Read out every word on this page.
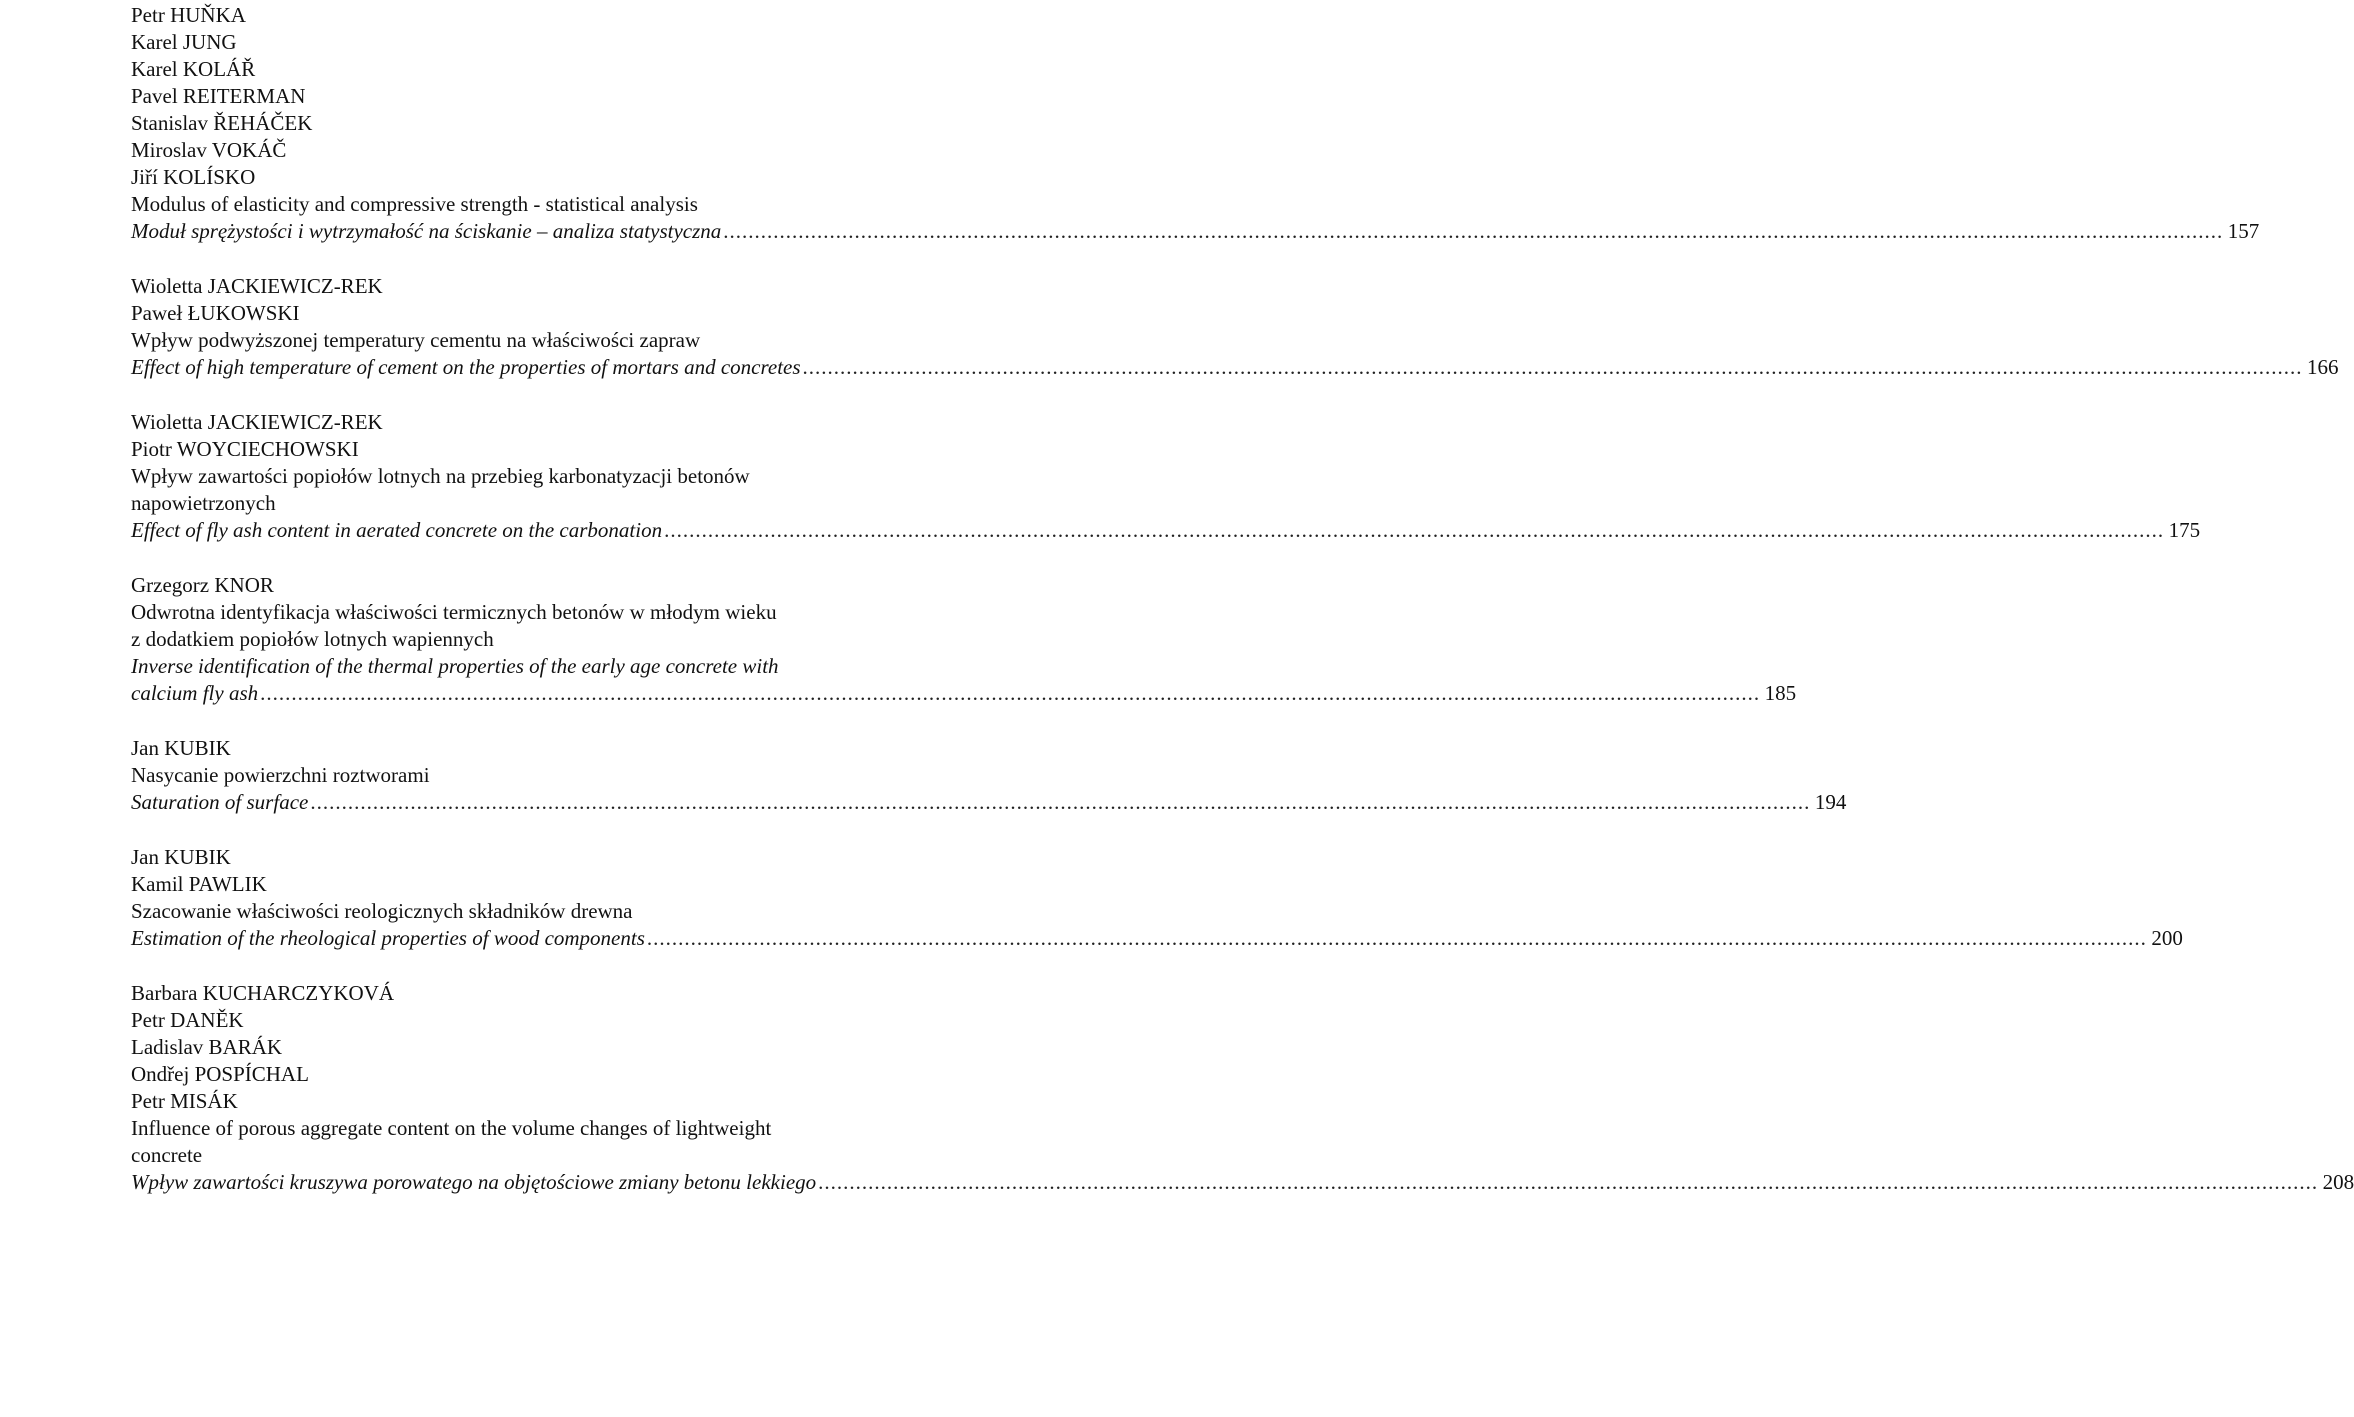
Petr HUŇKA
Karel JUNG
Karel KOLÁŘ
Pavel REITERMAN
Stanislav ŘEHÁČEK
Miroslav VOKÁČ
Jiří KOLÍSKO
Modulus of elasticity and compressive strength - statistical analysis
Moduł sprężystości i wytrzymałość na ściskanie – analiza statystyczna .....	157
Wioletta JACKIEWICZ-REK
Paweł ŁUKOWSKI
Wpływ podwyższonej temperatury cementu na właściwości zapraw
Effect of high temperature of cement on the properties of mortars and concretes .....	166
Wioletta JACKIEWICZ-REK
Piotr WOYCIECHOWSKI
Wpływ zawartości popiołów lotnych na przebieg karbonatyzacji betonów
napowietrzonych
Effect of fly ash content in aerated concrete on the carbonation .....	175
Grzegorz KNOR
Odwrotna identyfikacja właściwości termicznych betonów w młodym wieku
z dodatkiem popiołów lotnych wapiennych
Inverse identification of the thermal properties of the early age concrete with
calcium fly ash .....	185
Jan KUBIK
Nasycanie powierzchni roztworami
Saturation of surface .....	194
Jan KUBIK
Kamil PAWLIK
Szacowanie właściwości reologicznych składników drewna
Estimation of the rheological properties of wood components .....	200
Barbara KUCHARCZYKOVÁ
Petr DANĚK
Ladislav BARÁK
Ondřej POSPÍCHAL
Petr MISÁK
Influence of porous aggregate content on the volume changes of lightweight
concrete
Wpływ zawartości kruszywa porowatego na objętościowe zmiany betonu lekkiego .....	208
